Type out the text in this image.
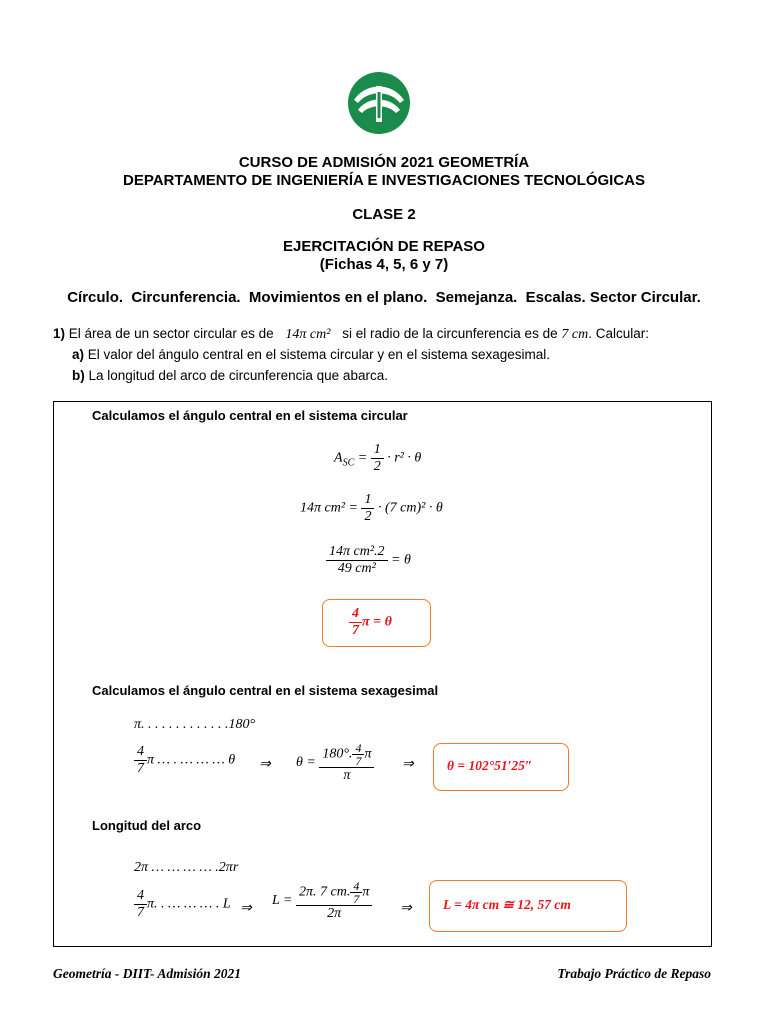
CURSO DE ADMISIÓN 2021 GEOMETRÍA
DEPARTAMENTO DE INGENIERÍA E INVESTIGACIONES TECNOLÓGICAS
CLASE 2
EJERCITACIÓN DE REPASO
(Fichas 4, 5, 6 y 7)
Círculo.  Circunferencia.  Movimientos en el plano.  Semejanza.  Escalas. Sector Circular.
1) El área de un sector circular es de 14π cm² si el radio de la circunferencia es de 7 cm. Calcular:
a) El valor del ángulo central en el sistema circular y en el sistema sexagesimal.
b) La longitud del arco de circunferencia que abarca.
Calculamos el ángulo central en el sistema circular
$A_{SC} = \frac{1}{2} \cdot r^2 \cdot \theta$
14π $cm^2 = \frac{1}{2} \cdot (7$ cm)² · θ
$\frac{\text{14π cm².2}}{\text{49 cm²}} = \theta$
$\frac{4}{7}$ π = θ
Calculamos el ángulo central en el sistema sexagesimal
π. . . . . . . . . . . . .180°
$\frac{4}{7}$ π … . … … … θ ⇒ $\theta = \frac{180^\circ. \frac{4}{7} \pi}{\pi}$ ⇒ θ = 102°51′25″
Longitud del arco
2π … … … … .2πr
$\frac{4}{7} \pi$. . … … … . L ⇒
$L = \frac{2\pi. 7 cm. \frac{4}{7} \pi}{2\pi}$ ⇒ L = 4π cm ≅ 12, 57 cm
Geometría - DIIT- Admisión 2021	Trabajo Práctico de Repaso
